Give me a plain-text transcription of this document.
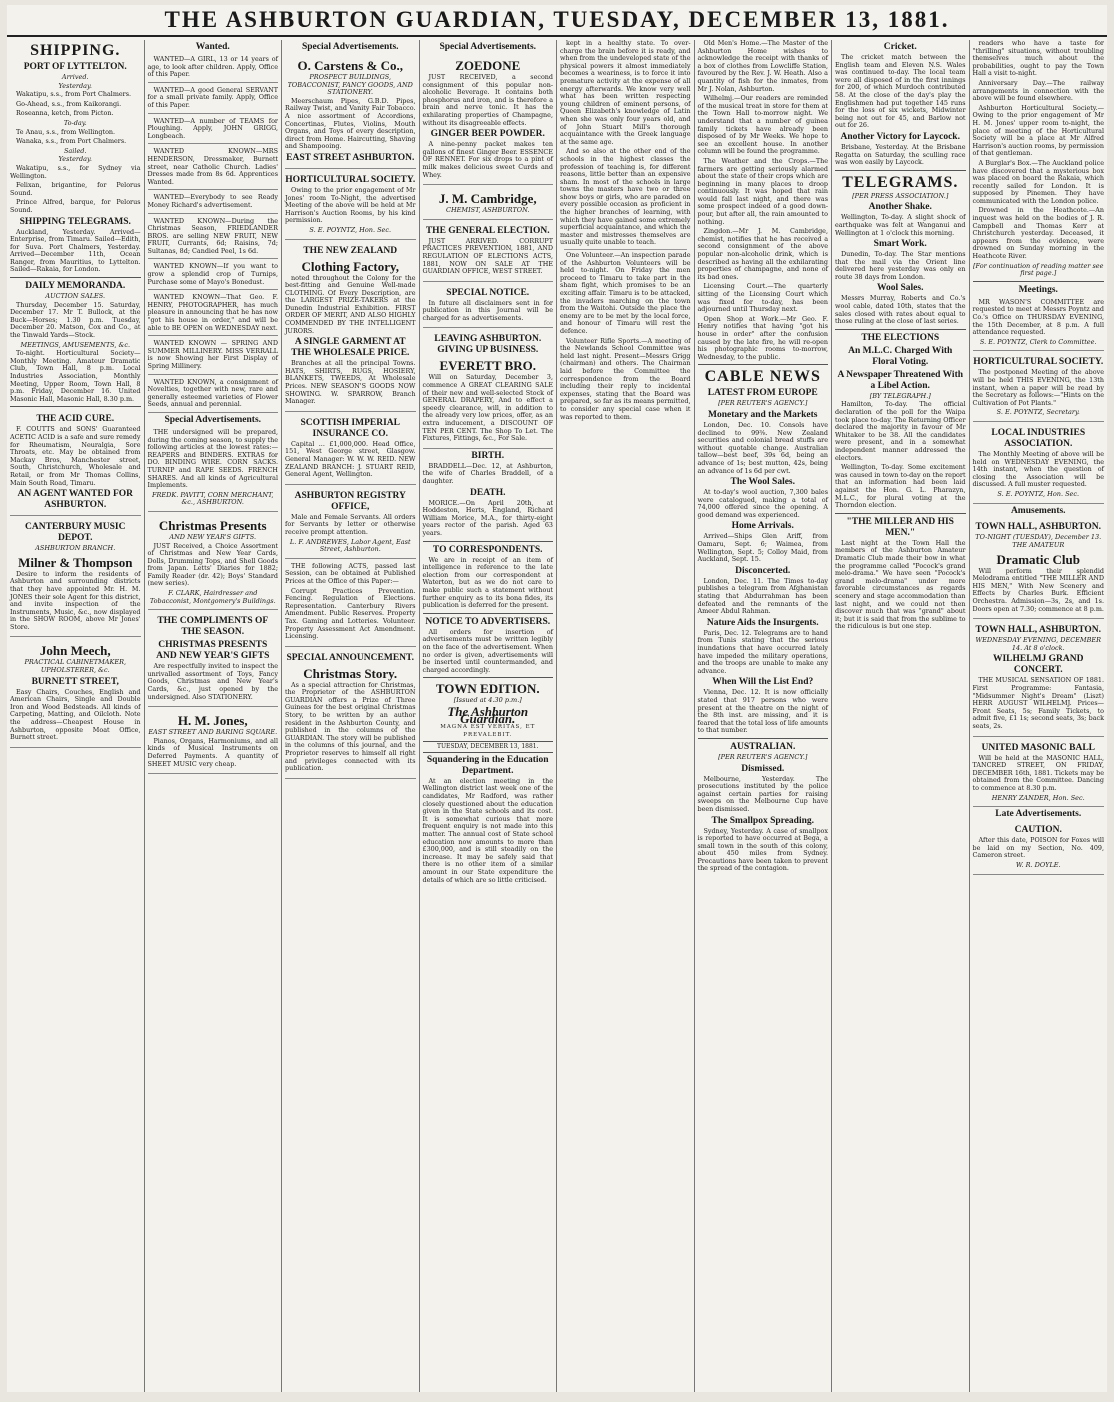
THE ASHBURTON GUARDIAN, TUESDAY, DECEMBER 13, 1881.
SHIPPING.
PORT OF LYTTELTON.
Arrived.
Yesterday.

Wakatipu, s.s., from Port Chalmers.

Go-Ahead, s.s., from Kaikorangi.

Roseanna, ketch, from Picton.

To-day.

Te Anau, s.s., from Wellington.

Wanaka, s.s., from Port Chalmers.

Sailed.
Yesterday.

Wakatipu, s.s., for Sydney via Wellington.

Felixan, brigantine, for Pelorus Sound.

Prince Alfred, barque, for Pelorus Sound.

SHIPPING TELEGRAMS.

Auckland, Yesterday. Arrived—Enterprise, from Timaru. Sailed—Edith, for Suva. Port Chalmers, Yesterday. Arrived—December 11th, Ocean Ranger, from Mauritius, to Lyttelton. Sailed—Rakaia, for London.

DAILY MEMORANDA.
AUCTION SALES.

Thursday, December 15. Saturday, December 17. Mr T. Bullock, at the Buck—Horses; 1.30 p.m. Tuesday, December 20. Matson, Cox and Co., at the Tinwald Yards—Stock.

MEETINGS, AMUSEMENTS, &c.

To-night. Horticultural Society—Monthly Meeting. Amateur Dramatic Club, Town Hall, 8 p.m. Local Industries Association, Monthly Meeting, Upper Room, Town Hall, 8 p.m. Friday, December 16. United Masonic Hall, Masonic Hall, 8.30 p.m.

THE ACID CURE.

F. COUTTS and SONS' Guaranteed ACETIC ACID is a safe and sure remedy for Rheumatism, Neuralgia, Sore Throats, etc. May be obtained from Mackay Bros, Manchester street, South, Christchurch, Wholesale and Retail, or from Mr Thomas Collins, Main South Road, Timaru.

AN AGENT WANTED FOR ASHBURTON.
CANTERBURY MUSIC DEPOT.
ASHBURTON BRANCH.
Milner & Thompson

Desire to inform the residents of Ashburton and surrounding districts that they have appointed Mr. H. M. JONES their sole Agent for this district, and invite inspection of the Instruments, Music, &c., now displayed in the SHOW ROOM, above Mr Jones' Store.

John Meech,
PRACTICAL CABINETMAKER, UPHOLSTERER, &c.
BURNETT STREET,

Easy Chairs, Couches, English and American Chairs, Single and Double Iron and Wood Bedsteads. All kinds of Carpeting, Matting, and Oilcloth. Note the address—Cheapest House in Ashburton, opposite Moat Office, Burnett street.

Wanted.

WANTED—A GIRL, 13 or 14 years of age, to look after children. Apply, Office of this Paper.

WANTED—A good General SERVANT for a small private family. Apply, Office of this Paper.

WANTED—A number of TEAMS for Ploughing. Apply, JOHN GRIGG, Longbeach.

WANTED KNOWN—MRS HENDERSON, Dressmaker, Burnett street, near Catholic Church. Ladies' Dresses made from 8s 6d. Apprentices Wanted.

WANTED—Everybody to see Ready Money Richard's advertisement.

WANTED KNOWN—During the Christmas Season, FRIEDLANDER BROS. are selling NEW FRUIT, NEW FRUIT, Currants, 6d; Raisins, 7d; Sultanas, 8d; Candied Peel, 1s 6d.

WANTED KNOWN—If you want to grow a splendid crop of Turnips, Purchase some of Mayo's Bonedust.

WANTED KNOWN—That Geo. F. HENRY, PHOTOGRAPHER, has much pleasure in announcing that he has now "got his house in order," and will be able to BE OPEN on WEDNESDAY next.

WANTED KNOWN — SPRING AND SUMMER MILLINERY. MISS VERRALL is now Showing her First Display of Spring Millinery.

WANTED KNOWN, a consignment of Novelties, together with new, rare and generally esteemed varieties of Flower Seeds, annual and perennial.

Special Advertisements.

THE undersigned will be prepared, during the coming season, to supply the following articles at the lowest rates:— REAPERS and BINDERS. EXTRAS for DO. BINDING WIRE. CORN SACKS. TURNIP and RAPE SEEDS. FRENCH SHARES. And all kinds of Agricultural Implements.

FREDK. PAVITT, CORN MERCHANT, &c., ASHBURTON.
Christmas Presents
AND NEW YEAR'S GIFTS.

JUST Received, a Choice Assortment of Christmas and New Year Cards, Dolls, Drumming Tops, and Shell Goods from Japan. Letts' Diaries for 1882; Family Reader (dr. 42); Boys' Standard (new series).

F. CLARK, Hairdresser and Tobacconist, Montgomery's Buildings.
THE COMPLIMENTS OF THE SEASON.
CHRISTMAS PRESENTS AND NEW YEAR'S GIFTS

Are respectfully invited to inspect the unrivalled assortment of Toys, Fancy Goods, Christmas and New Year's Cards, &c., just opened by the undersigned. Also STATIONERY.

H. M. Jones,
EAST STREET AND BARING SQUARE.

Pianos, Organs, Harmoniums, and all kinds of Musical Instruments on Deferred Payments. A quantity of SHEET MUSIC very cheap.

Special Advertisements.
O. Carstens & Co.,
PROSPECT BUILDINGS, TOBACCONIST, FANCY GOODS, AND STATIONERY.

Meerschaum Pipes, G.B.D. Pipes, Railway Twist, and Vanity Fair Tobacco. A nice assortment of Accordions, Concertinas, Flutes, Violins, Mouth Organs, and Toys of every description, direct from Home. Haircutting, Shaving and Shampooing.

EAST STREET ASHBURTON.
HORTICULTURAL SOCIETY.

Owing to the prior engagement of Mr Jones' room To-Night, the advertised Meeting of the above will be held at Mr Harrison's Auction Rooms, by his kind permission.

S. E. POYNTZ, Hon. Sec.
THE NEW ZEALAND
Clothing Factory,

noted throughout the Colony for the best-fitting and Genuine Well-made CLOTHING. Of Every Description, are the LARGEST PRIZE-TAKERS at the Dunedin Industrial Exhibition. FIRST ORDER OF MERIT, AND ALSO HIGHLY COMMENDED BY THE INTELLIGENT JURORS.

A SINGLE GARMENT AT THE WHOLESALE PRICE.

Branches at all the principal Towns. HATS, SHIRTS, RUGS, HOSIERY, BLANKETS, TWEEDS, At Wholesale Prices. NEW SEASON'S GOODS NOW SHOWING. W. SPARROW, Branch Manager.

SCOTTISH IMPERIAL INSURANCE CO.

Capital ... £1,000,000. Head Office, 151, West George street, Glasgow. General Manager: W. W. W. REID. NEW ZEALAND BRANCH: J. STUART REID, General Agent, Wellington.

ASHBURTON REGISTRY OFFICE,

Male and Female Servants. All orders for Servants by letter or otherwise receive prompt attention.

L. F. ANDREWES, Labor Agent, East Street, Ashburton.

THE following ACTS, passed last Session, can be obtained at Published Prices at the Office of this Paper:—

Corrupt Practices Prevention. Fencing. Regulation of Elections. Representation. Canterbury Rivers Amendment. Public Reserves. Property Tax. Gaming and Lotteries. Volunteer. Property Assessment Act Amendment. Licensing.

SPECIAL ANNOUNCEMENT.
Christmas Story.

As a special attraction for Christmas, the Proprietor of the ASHBURTON GUARDIAN offers a Prize of Three Guineas for the best original Christmas Story, to be written by an author resident in the Ashburton County, and published in the columns of the GUARDIAN. The story will be published in the columns of this journal, and the Proprietor reserves to himself all right and privileges connected with its publication.

Special Advertisements.
ZOEDONE

JUST RECEIVED, a second consignment of this popular non-alcoholic Beverage. It contains both phosphorus and iron, and is therefore a brain and nerve tonic. It has the exhilarating properties of Champagne, without its disagreeable effects.

GINGER BEER POWDER.

A nine-penny packet makes ten gallons of finest Ginger Beer. ESSENCE OF RENNET. For six drops to a pint of milk makes delicious sweet Curds and Whey.

J. M. Cambridge,
CHEMIST, ASHBURTON.
THE GENERAL ELECTION.

JUST ARRIVED. CORRUPT PRACTICES PREVENTION, 1881, AND REGULATION OF ELECTIONS ACTS, 1881, NOW ON SALE AT THE GUARDIAN OFFICE, WEST STREET.

SPECIAL NOTICE.

In future all disclaimers sent in for publication in this Journal will be charged for as advertisements.

LEAVING ASHBURTON. GIVING UP BUSINESS.
EVERETT BRO.

Will on Saturday, December 3, commence A GREAT CLEARING SALE of their new and well-selected Stock of GENERAL DRAPERY, And to effect a speedy clearance, will, in addition to the already very low prices, offer, as an extra inducement, a DISCOUNT OF TEN PER CENT. The Shop To Let. The Fixtures, Fittings, &c., For Sale.

BIRTH.

BRADDELL—Dec. 12, at Ashburton, the wife of Charles Braddell, of a daughter.

DEATH.

MORICE.—On April 20th, at Hoddeston, Herts, England, Richard William Morice, M.A., for thirty-eight years rector of the parish. Aged 63 years.

TO CORRESPONDENTS.

We are in receipt of an item of intelligence in reference to the late election from our correspondent at Waterton, but as we do not care to make public such a statement without further enquiry as to its bona fides, its publication is deferred for the present.

NOTICE TO ADVERTISERS.

All orders for insertion of advertisements must be written legibly on the face of the advertisement. When no order is given, advertisements will be inserted until countermanded, and charged accordingly.

TOWN EDITION.
[Issued at 4.30 p.m.]
The Ashburton Guardian.
MAGNA EST VERITAS, ET PREVALEBIT.
TUESDAY, DECEMBER 13, 1881.
Squandering in the Education Department.

At an election meeting in the Wellington district last week one of the candidates, Mr Radford, was rather closely questioned about the education given in the State schools and its cost. It is somewhat curious that more frequent enquiry is not made into this matter. The annual cost of State school education now amounts to more than £300,000, and is still steadily on the increase. It may be safely said that there is no other item of a similar amount in our State expenditure the details of which are so little criticised.

kept in a healthy state. To over-charge the brain before it is ready, and when from the undeveloped state of the physical powers it almost immediately becomes a weariness, is to force it into premature activity at the expense of all energy afterwards. We know very well what has been written respecting young children of eminent persons, of Queen Elizabeth's knowledge of Latin when she was only four years old, and of John Stuart Mill's thorough acquaintance with the Greek language at the same age.

And so also at the other end of the schools in the highest classes the profession of teaching is, for different reasons, little better than an expensive sham. In most of the schools in large towns the masters have two or three show boys or girls, who are paraded on every possible occasion as proficient in the higher branches of learning, with which they have gained some extremely superficial acquaintance, and which the master and mistresses themselves are usually quite unable to teach.

One Volunteer.—An inspection parade of the Ashburton Volunteers will be held to-night. On Friday the men proceed to Timaru to take part in the sham fight, which promises to be an exciting affair. Timaru is to be attacked, the invaders marching on the town from the Waitohi. Outside the place the enemy are to be met by the local force, and honour of Timaru will rest the defence.

Volunteer Rifle Sports.—A meeting of the Newlands School Committee was held last night. Present—Messrs Grigg (chairman) and others. The Chairman laid before the Committee the correspondence from the Board including their reply to incidental expenses, stating that the Board was prepared, so far as its means permitted, to consider any special case when it was reported to them.

Old Men's Home.—The Master of the Ashburton Home wishes to acknowledge the receipt with thanks of a box of clothes from Lowcliffe Station, favoured by the Rev. J. W. Heath. Also a quantity of fish for the inmates, from Mr J. Nolan, Ashburton.

Wilhelmj.—Our readers are reminded of the musical treat in store for them at the Town Hall to-morrow night. We understand that a number of guinea family tickets have already been disposed of by Mr Weeks. We hope to see an excellent house. In another column will be found the programme.

The Weather and the Crops.—The farmers are getting seriously alarmed about the state of their crops which are beginning in many places to droop continuously. It was hoped that rain would fall last night, and there was some prospect indeed of a good down-pour, but after all, the rain amounted to nothing.

Zingdon.—Mr J. M. Cambridge, chemist, notifies that he has received a second consignment of the above popular non-alcoholic drink, which is described as having all the exhilarating properties of champagne, and none of its bad ones.

Licensing Court.—The quarterly sitting of the Licensing Court which was fixed for to-day, has been adjourned until Thursday next.

Open Shop at Work.—Mr Geo. F. Henry notifies that having "got his house in order" after the confusion caused by the late fire, he will re-open his photographic rooms to-morrow, Wednesday, to the public.

CABLE NEWS
LATEST FROM EUROPE
[PER REUTER'S AGENCY.]
Monetary and the Markets

London, Dec. 10. Consols have declined to 99⅜. New Zealand securities and colonial bread stuffs are without quotable change. Australian tallow—best beef, 39s 6d, being an advance of 1s; best mutton, 42s, being an advance of 1s 6d per cwt.

The Wool Sales.

At to-day's wool auction, 7,300 bales were catalogued, making a total of 74,000 offered since the opening. A good demand was experienced.

Home Arrivals.

Arrived—Ships Glen Ariff, from Oamaru, Sept. 6; Waimea, from Wellington, Sept. 5; Colloy Maid, from Auckland, Sept. 15.

Disconcerted.

London, Dec. 11. The Times to-day publishes a telegram from Afghanistan stating that Abdurrahman has been defeated and the remnants of the Ameer Abdul Rahman.

Nature Aids the Insurgents.

Paris, Dec. 12. Telegrams are to hand from Tunis stating that the serious inundations that have occurred lately have impeded the military operations, and the troops are unable to make any advance.

When Will the List End?

Vienna, Dec. 12. It is now officially stated that 917 persons who were present at the theatre on the night of the 8th inst. are missing, and it is feared that the total loss of life amounts to that number.

AUSTRALIAN.
[PER REUTER'S AGENCY.]
Dismissed.

Melbourne, Yesterday. The prosecutions instituted by the police against certain parties for raising sweeps on the Melbourne Cup have been dismissed.

The Smallpox Spreading.

Sydney, Yesterday. A case of smallpox is reported to have occurred at Bega, a small town in the south of this colony, about 450 miles from Sydney. Precautions have been taken to prevent the spread of the contagion.

Cricket.

The cricket match between the English team and Eleven N.S. Wales was continued to-day. The local team were all disposed of in the first innings for 200, of which Murdoch contributed 58. At the close of the day's play the Englishmen had put together 145 runs for the loss of six wickets, Midwinter being not out for 45, and Barlow not out for 26.

Another Victory for Laycock.

Brisbane, Yesterday. At the Brisbane Regatta on Saturday, the sculling race was won easily by Laycock.

TELEGRAMS.
[PER PRESS ASSOCIATION.]
Another Shake.

Wellington, To-day. A slight shock of earthquake was felt at Wanganui and Wellington at 1 o'clock this morning.

Smart Work.

Dunedin, To-day. The Star mentions that the mail via the Orient line delivered here yesterday was only en route 38 days from London.

Wool Sales.

Messrs Murray, Roberts and Co.'s wool cable, dated 10th, states that the sales closed with rates about equal to those ruling at the close of last series.

THE ELECTIONS
An M.L.C. Charged With Floral Voting.
A Newspaper Threatened With a Libel Action.
[BY TELEGRAPH.]

Hamilton, To-day. The official declaration of the poll for the Waipa took place to-day. The Returning Officer declared the majority in favour of Mr Whitaker to be 38. All the candidates were present, and in a somewhat independent manner addressed the electors.

Wellington, To-day. Some excitement was caused in town to-day on the report that an information had been laid against the Hon. G. L. Pharazyn, M.L.C., for plural voting at the Thorndon election.

"THE MILLER AND HIS MEN."

Last night at the Town Hall the members of the Ashburton Amateur Dramatic Club made their bow in what the programme called "Pocock's grand melo-drama." We have seen "Pocock's grand melo-drama" under more favorable circumstances as regards scenery and stage accommodation than last night, and we could not then discover much that was "grand" about it; but it is said that from the sublime to the ridiculous is but one step.

readers who have a taste for "thrilling" situations, without troubling themselves much about the probabilities, ought to pay the Town Hall a visit to-night.

Anniversary Day.—The railway arrangements in connection with the above will be found elsewhere.

Ashburton Horticultural Society.—Owing to the prior engagement of Mr H. M. Jones' upper room to-night, the place of meeting of the Horticultural Society will be a place at Mr Alfred Harrison's auction rooms, by permission of that gentleman.

A Burglar's Box.—The Auckland police have discovered that a mysterious box was placed on board the Rakaia, which recently sailed for London. It is supposed by Pinemen. They have communicated with the London police.

Drowned in the Heathcote.—An inquest was held on the bodies of J. R. Campbell and Thomas Kerr at Christchurch yesterday. Deceased, it appears from the evidence, were drowned on Sunday morning in the Heathcote River.

[For continuation of reading matter see first page.]
Meetings.

MR WASON'S COMMITTEE are requested to meet at Messrs Poyntz and Co.'s Office on THURSDAY EVENING, the 15th December, at 8 p.m. A full attendance requested.

S. E. POYNTZ, Clerk to Committee.
HORTICULTURAL SOCIETY.

The postponed Meeting of the above will be held THIS EVENING, the 13th instant, when a paper will be read by the Secretary as follows:—"Hints on the Cultivation of Pot Plants."

S. E. POYNTZ, Secretary.
LOCAL INDUSTRIES ASSOCIATION.

The Monthly Meeting of above will be held on WEDNESDAY EVENING, the 14th instant, when the question of closing the Association will be discussed. A full muster requested.

S. E. POYNTZ, Hon. Sec.
Amusements.
TOWN HALL, ASHBURTON.
TO-NIGHT (TUESDAY), December 13.
THE AMATEUR
Dramatic Club

Will perform their splendid Melodrama entitled "THE MILLER AND HIS MEN," With New Scenery and Effects by Charles Burk. Efficient Orchestra. Admission—3s, 2s, and 1s. Doors open at 7.30; commence at 8 p.m.

TOWN HALL, ASHBURTON.
WEDNESDAY EVENING, DECEMBER 14. At 8 o'clock.
WILHELMJ GRAND CONCERT.

THE MUSICAL SENSATION OF 1881. First Programme: Fantasia, "Midsummer Night's Dream" (Liszt) HERR AUGUST WILHELMJ. Prices—Front Seats, 5s; Family Tickets, to admit five, £1 1s; second seats, 3s; back seats, 2s.

UNITED MASONIC BALL

Will be held at the MASONIC HALL, TANCRED STREET, ON FRIDAY, DECEMBER 16th, 1881. Tickets may be obtained from the Committee. Dancing to commence at 8.30 p.m.

HENRY ZANDER, Hon. Sec.
Late Advertisements.
CAUTION.

After this date, POISON for Foxes will be laid on my Section, No. 409, Cameron street.

W. R. DOYLE.
